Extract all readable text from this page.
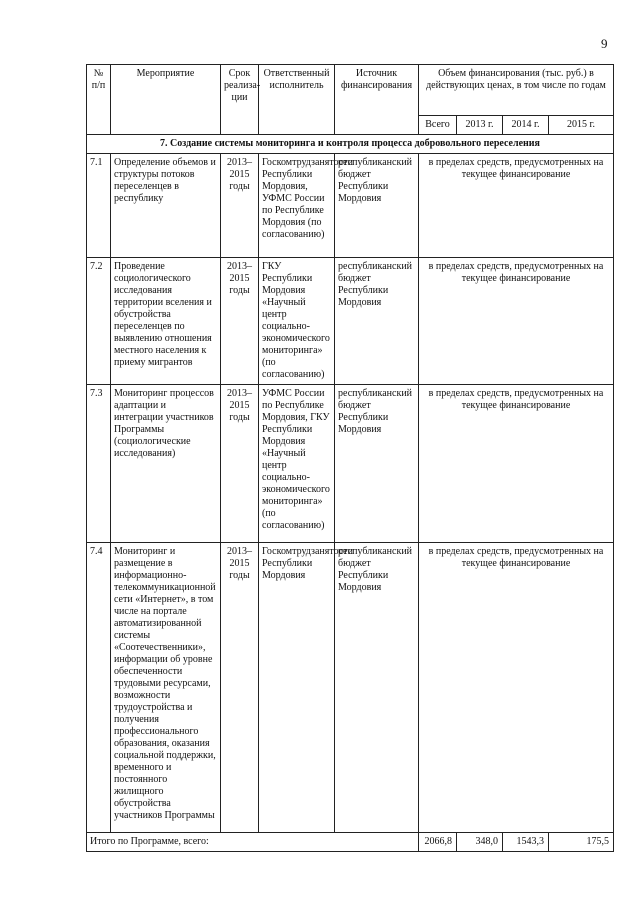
9
№ п/п	Мероприятие	Срок реализа-ции	Ответственный исполнитель	Источник финансирования	Объем финансирования (тыс. руб.) в действующих ценах, в том числе по годам			
					Всего	2013 г.	2014 г.	2015 г.
7. Создание системы мониторинга и контроля процесса добровольного переселения								
7.1	Определение объемов и структуры потоков переселенцев в республику	2013–2015 годы	Госкомтрудзанятости Республики Мордовия, УФМС России по Республике Мордовия (по согласованию)	республиканский бюджет Республики Мордовия	в пределах средств, предусмотренных на текущее финансирование			
7.2	Проведение социологического исследования территории вселения и обустройства переселенцев по выявлению отношения местного населения к приему мигрантов	2013–2015 годы	ГКУ Республики Мордовия «Научный центр социально-экономического мониторинга» (по согласованию)	республиканский бюджет Республики Мордовия	в пределах средств, предусмотренных на текущее финансирование			
7.3	Мониторинг процессов адаптации и интеграции участников Программы (социологические исследования)	2013–2015 годы	УФМС России по Республике Мордовия, ГКУ Республики Мордовия «Научный центр социально-экономического мониторинга» (по согласованию)	республиканский бюджет Республики Мордовия	в пределах средств, предусмотренных на текущее финансирование			
7.4	Мониторинг и размещение в информационно-телекоммуникационной сети «Интернет», в том числе на портале автоматизированной системы «Соотечественники», информации об уровне обеспеченности трудовыми ресурсами, возможности трудоустройства и получения профессионального образования, оказания социальной поддержки, временного и постоянного жилищного обустройства участников Программы	2013–2015 годы	Госкомтрудзанятости Республики Мордовия	республиканский бюджет Республики Мордовия	в пределах средств, предусмотренных на текущее финансирование			
Итого по Программе, всего:					2066,8	348,0	1543,3	175,5
